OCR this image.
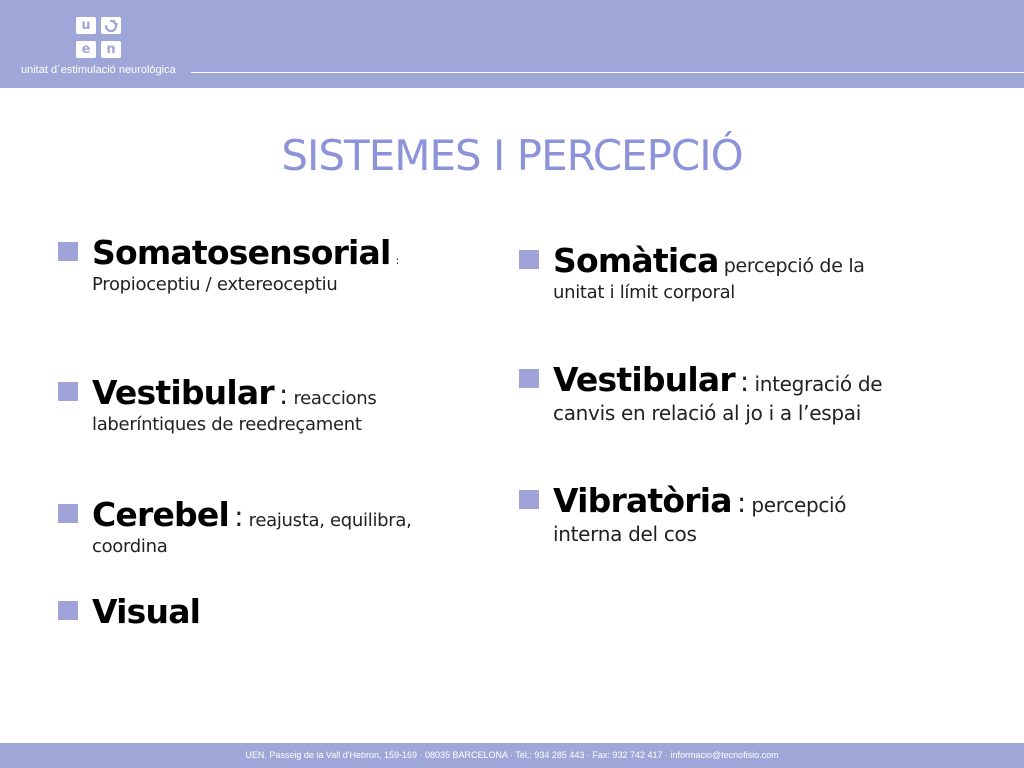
u
e	n
unitat d´estimulació neurològica
SISTEMES I PERCEPCIÓ
Somatosensorial :
Propioceptiu / extereoceptiu
Vestibular : reaccions
laberíntiques de reedreçament
Cerebel : reajusta, equilibra,
coordina
Visual
Somàtica percepció de la
unitat i límit corporal
Vestibular : integració de
canvis en relació al jo i a l’espai
Vibratòria : percepció
interna del cos
UEN. Passeig de la Vall d'Hebron, 159-169 · 08035 BARCELONA · Tel.: 934 285 443 · Fax: 932 742 417 · informacio@tecnofisio.com
